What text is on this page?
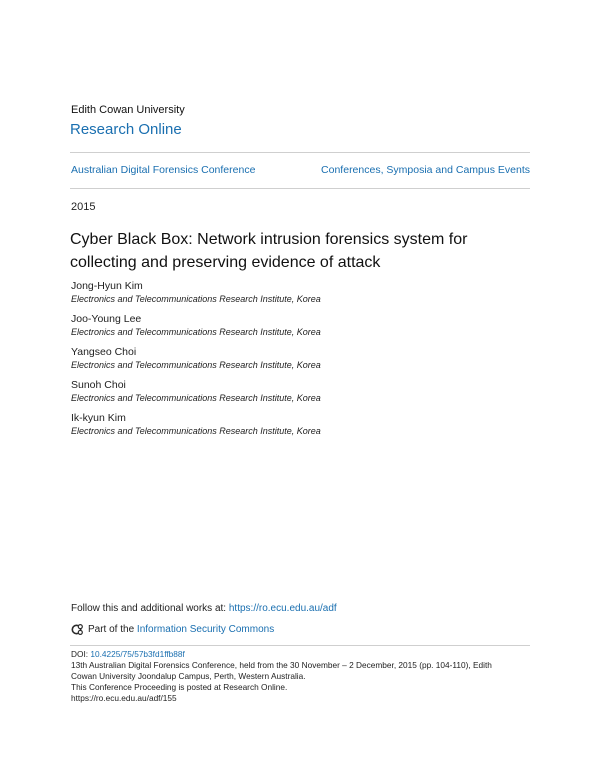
Edith Cowan University
Research Online
Australian Digital Forensics Conference	Conferences, Symposia and Campus Events
2015
Cyber Black Box: Network intrusion forensics system for collecting and preserving evidence of attack
Jong-Hyun Kim
Electronics and Telecommunications Research Institute, Korea
Joo-Young Lee
Electronics and Telecommunications Research Institute, Korea
Yangseo Choi
Electronics and Telecommunications Research Institute, Korea
Sunoh Choi
Electronics and Telecommunications Research Institute, Korea
Ik-kyun Kim
Electronics and Telecommunications Research Institute, Korea
Follow this and additional works at: https://ro.ecu.edu.au/adf
Part of the
Information Security Commons
DOI: 10.4225/75/57b3fd1ffb88f
13th Australian Digital Forensics Conference, held from the 30 November – 2 December, 2015 (pp. 104-110), Edith
Cowan University Joondalup Campus, Perth, Western Australia.
This Conference Proceeding is posted at Research Online.
https://ro.ecu.edu.au/adf/155
